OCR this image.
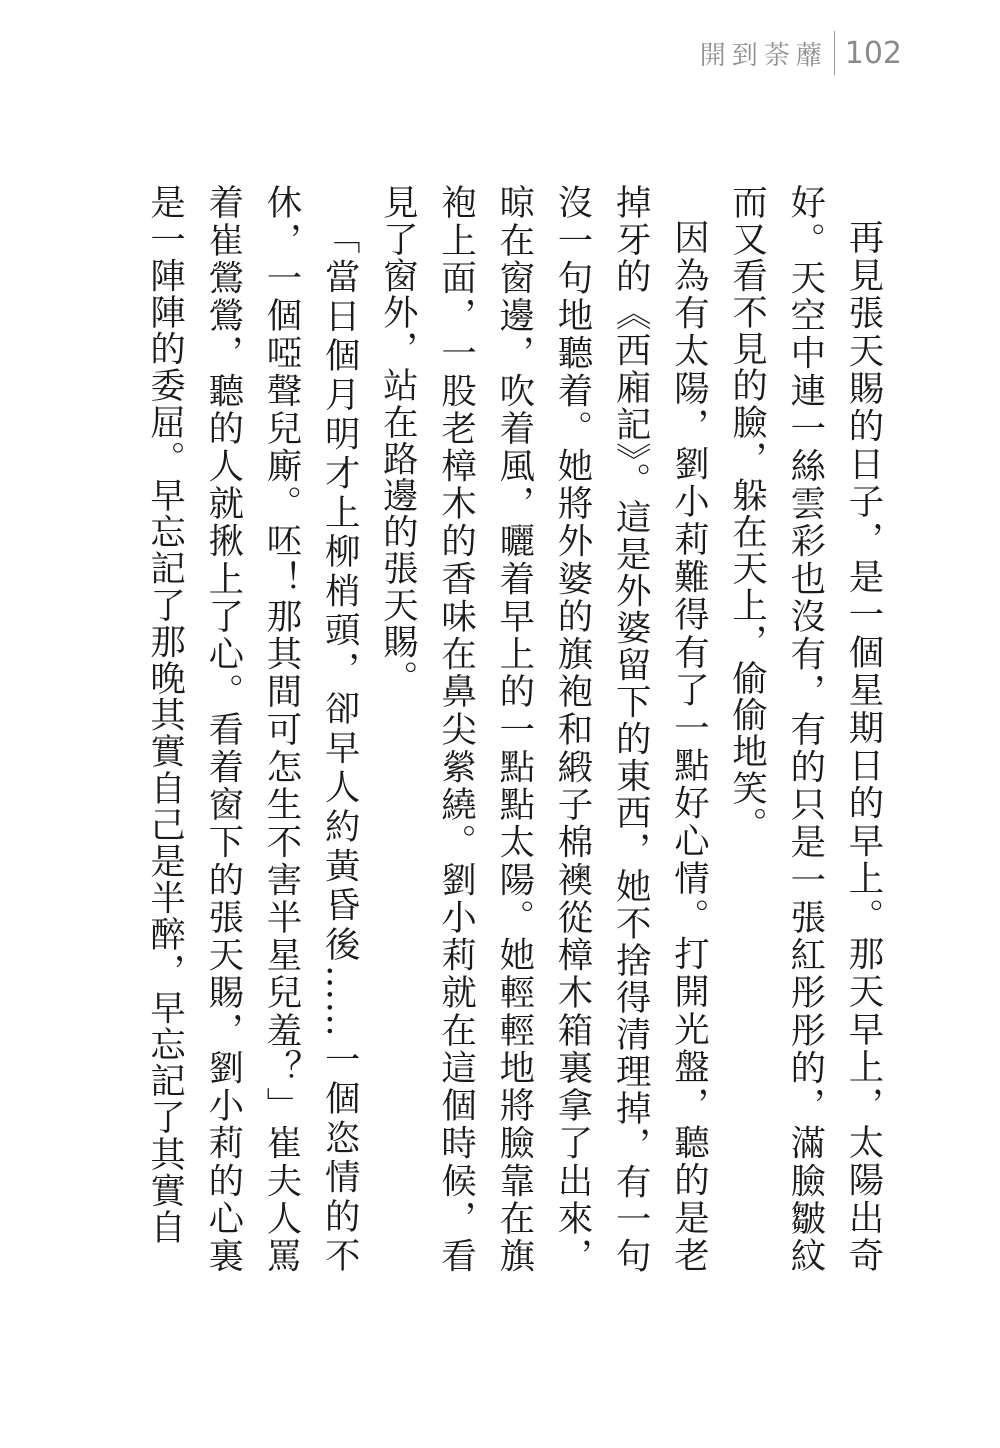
開到荼蘼 102

再見張天賜的日子，是一個星期日的早上。那天早上，太陽出奇好。天空中連一絲雲彩也沒有，有的只是一張紅彤彤的，滿臉皺紋而又看不見的臉，躲在天上，偷偷地笑。

因為有太陽，劉小莉難得有了一點好心情。打開光盤，聽的是老掉牙的《西廂記》。這是外婆留下的東西，她不捨得清理掉，有一句沒一句地聽着。她將外婆的旗袍和緞子棉襖從樟木箱裏拿了出來，晾在窗邊，吹着風，曬着早上的一點點太陽。她輕輕地將臉靠在旗袍上面，一股老樟木的香味在鼻尖縈繞。劉小莉就在這個時候，看見了窗外，站在路邊的張天賜。

「當日個月明才上柳梢頭，卻早人約黃昏後……一個恣情的不休，一個啞聲兒廝。呸！那其間可怎生不害半星兒羞？」崔夫人罵着崔鶯鶯，聽的人就揪上了心。看着窗下的張天賜，劉小莉的心裏是一陣陣的委屈。早忘記了那晚其實自己是半醉，早忘記了其實自
